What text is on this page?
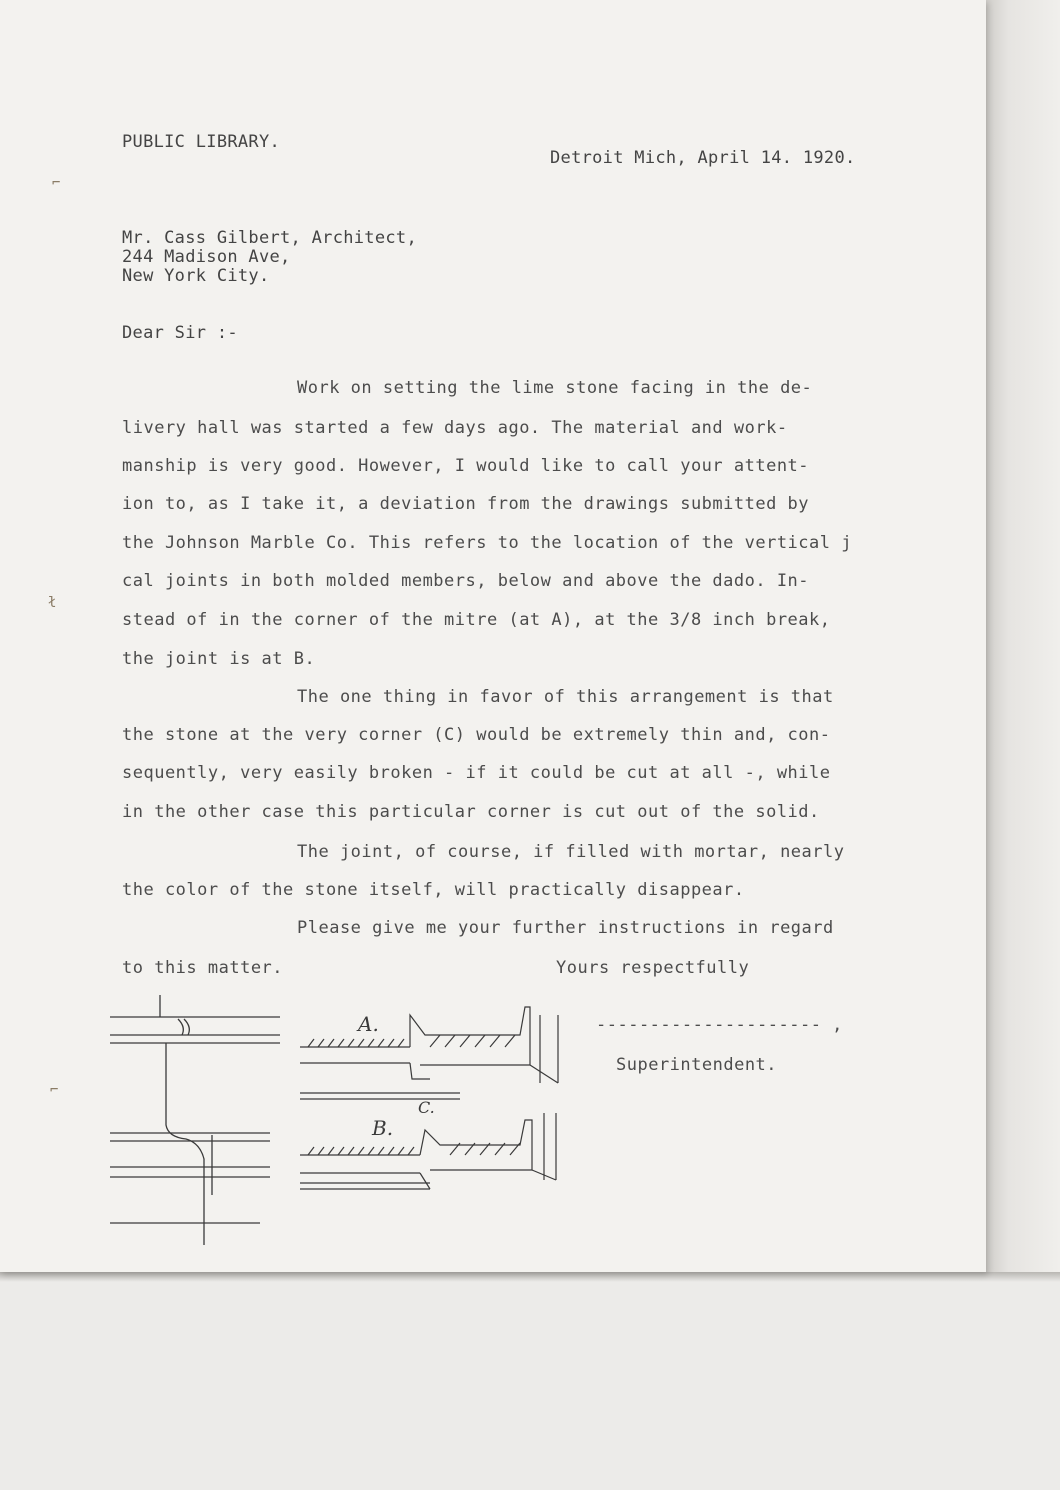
PUBLIC LIBRARY.
Detroit Mich, April 14. 1920.
Mr. Cass Gilbert, Architect,
244 Madison Ave,
New York City.
Dear Sir :-
Work on setting the lime stone facing in the de-
livery hall was started a few days ago. The material and work-
manship is very good. However, I would like to call your attent-
ion to, as I take it, a deviation from the drawings submitted by
the Johnson Marble Co. This refers to the location of the vertical j
cal joints in both molded members, below and above the dado. In-
stead of in the corner of the mitre (at A), at the 3/8 inch break,
the joint is at B.
The one thing in favor of this arrangement is that
the stone at the very corner (C) would be extremely thin and, con-
sequently, very easily broken - if it could be cut at all -, while
in the other case this particular corner is cut out of the solid.
The joint, of course, if filled with mortar, nearly
the color of the stone itself, will practically disappear.
Please give me your further instructions in regard
to this matter.	Yours respectfully
--------------------- ,
Superintendent.
⌐
ł
⌐
A.
C.
B.
